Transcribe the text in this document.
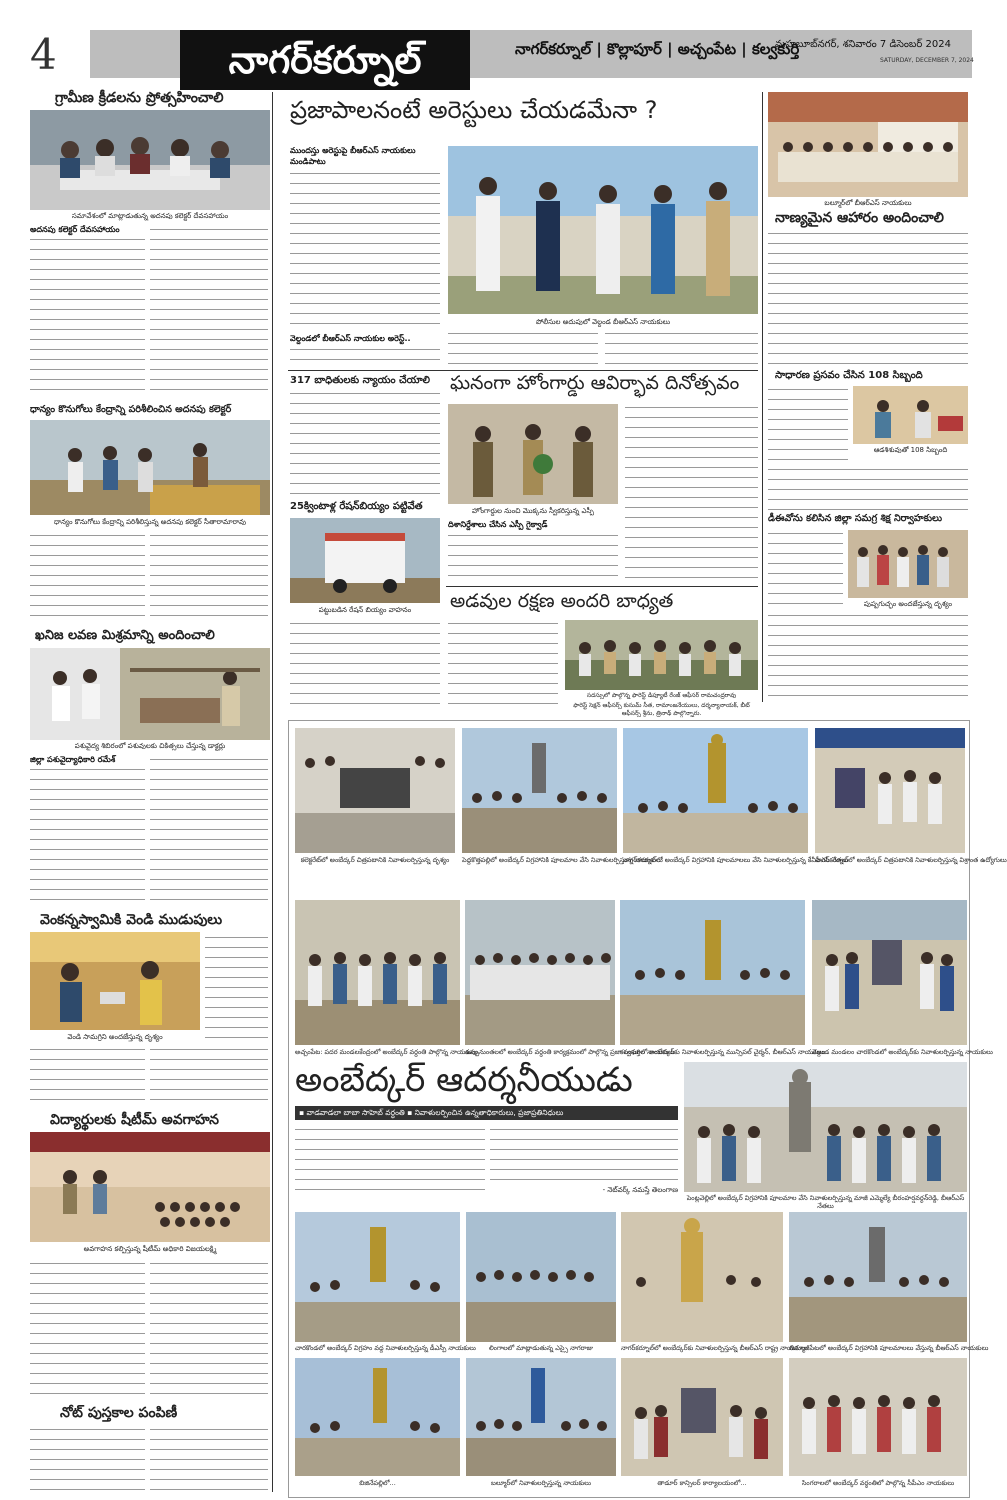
4	నాగర్‌కర్నూల్	నాగర్‌కర్నూల్ | కొల్లాపూర్ | అచ్చంపేట | కల్వకుర్తి
మహబూబ్‌నగర్, శనివారం 7 డిసెంబర్ 2024
SATURDAY, DECEMBER 7, 2024
గ్రామీణ క్రీడలను ప్రోత్సహించాలి
సమావేశంలో మాట్లాడుతున్న అదనపు కలెక్టర్ దేవసహాయం
అదనపు కలెక్టర్ దేవసహాయం
ధాన్యం కొనుగోలు కేంద్రాన్ని పరిశీలించిన అదనపు కలెక్టర్
ధాన్యం కొనుగోలు కేంద్రాన్ని పరిశీలిస్తున్న అదనపు కలెక్టర్ సీతారామారావు
ఖనిజ లవణ మిశ్రమాన్ని అందించాలి
పశువైద్య శిబిరంలో పశువులకు చికిత్సలు చేస్తున్న డాక్టర్లు
జిల్లా పశువైద్యాధికారి రమేశ్
వెంకన్నస్వామికి వెండి ముడుపులు
వెండి సామగ్రిని అందజేస్తున్న దృశ్యం
విద్యార్థులకు షీటీమ్ అవగాహన
అవగాహన కల్పిస్తున్న షీటీమ్ అధికారి విజయలక్ష్మి
నోట్ పుస్తకాల పంపిణీ
ప్రజాపాలనంటే అరెస్టులు చేయడమేనా ?
ముందస్తు అరెస్టుపై బీఆర్ఎస్ నాయకులు మండిపాటు
పోలీసుల అదుపులో వెల్దండ బీఆర్ఎస్ నాయకులు
వెల్దండలో బీఆర్ఎస్ నాయకుల అరెస్ట్..
317 బాధితులకు న్యాయం చేయాలి
25క్వింటాళ్ల రేషన్‌బియ్యం పట్టివేత
పట్టుబడిన రేషన్ బియ్యం వాహనం
ఘనంగా హోంగార్డు ఆవిర్భావ దినోత్సవం
హోంగార్డుల నుంచి మొక్కను స్వీకరిస్తున్న ఎస్పీ
దిశానిర్దేశాలు చేసిన ఎస్పీ గైక్వాడ్
అడవుల రక్షణ అందరి బాధ్యత
సదస్సులో పాల్గొన్న ఫారెస్ట్ డిప్యూటీ రేంజ్ ఆఫీసర్ రామచంద్రరావు
ఫారెస్ట్ సెక్షన్ ఆఫీసర్స్ కుసుమ్ సీత, రామాంజనేయులు, దర్శన్యానాయక్, బీట్ ఆఫీసర్స్ శ్రీను, త్రినాథ్ పాల్గొన్నారు.
బల్మూర్‌లో బీఆర్ఎస్ నాయకులు
నాణ్యమైన ఆహారం అందించాలి
సాధారణ ప్రసవం చేసిన 108 సిబ్బంది
ఆడశిశువుతో 108 సిబ్బంది
డీఈవోను కలిసిన జిల్లా సమగ్ర శిక్ష నిర్వాహకులు
పుష్పగుచ్ఛం అందజేస్తున్న దృశ్యం
కలెక్టరేట్‌లో అంబేద్కర్ చిత్రపటానికి నివాళులర్పిస్తున్న దృశ్యం	పెద్దకొత్తపల్లిలో అంబేద్కర్ విగ్రహానికి పూలమాల వేసి నివాళులర్పిస్తున్న నాయకులు
నాగర్‌కర్నూల్‌లో అంబేద్కర్ విగ్రహానికి పూలమాలలు వేసి నివాళులర్పిస్తున్న కేవీపీఎస్ నేతలు
నాగర్‌కర్నూల్‌లో అంబేద్కర్ చిత్రపటానికి నివాళులర్పిస్తున్న విశ్రాంత ఉద్యోగులు
అచ్చంపేట: పదర మండలకేంద్రంలో అంబేద్కర్ వర్ధంతి పాల్గొన్న నాయకులు
ఉప్పునుంతలలో అంబేద్కర్ వర్ధంతి కార్యక్రమంలో పాల్గొన్న ప్రజా సంఘాల నాయకులు
కల్వకుర్తిలో అంబేద్కర్‌కు నివాళులర్పిస్తున్న మున్సిపల్ చైర్మన్, బీఆర్ఎస్ నాయకులు
వెల్దండ మండలం చారకొండలో అంబేద్కర్‌కు నివాళులర్పిస్తున్న నాయకులు
అంబేద్కర్ ఆదర్శనీయుడు
▪ వాడవాడలా బాబా సాహెబ్ వర్ధంతి ▪ నివాళులర్పించిన ఉన్నతాధికారులు, ప్రజాప్రతినిధులు
- నెట్‌వర్క్ నమస్తే తెలంగాణ
పెంట్లవెల్లిలో అంబేద్కర్ విగ్రహానికి పూలమాల వేసి నివాళులర్పిస్తున్న మాజీ ఎమ్మెల్యే బీరంహర్షవర్ధన్‌రెడ్డి, బీఆర్ఎస్ నేతలు
చారకొండలో అంబేద్కర్ విగ్రహం వద్ద నివాళులర్పిస్తున్న డీఎస్పీ నాయకులు	లింగాలలో మాట్లాడుతున్న ఎస్సై నాగరాజు	నాగర్‌కర్నూల్‌లో అంబేద్కర్‌కు నివాళులర్పిస్తున్న బీఆర్ఎస్ రాష్ట్ర నాయకులు
తిమ్మాజీపేటలో అంబేద్కర్ విగ్రహానికి పూలమాలలు వేస్తున్న బీఆర్ఎస్ నాయకులు
బిజినేపల్లిలో...	బల్మూర్‌లో నివాళులర్పిస్తున్న నాయకులు	తాడూర్ కాన్సిలర్ కార్యాలయంలో...	సింగరాలలో అంబేద్కర్ వర్ధంతిలో పాల్గొన్న సీపీఎం నాయకులు
